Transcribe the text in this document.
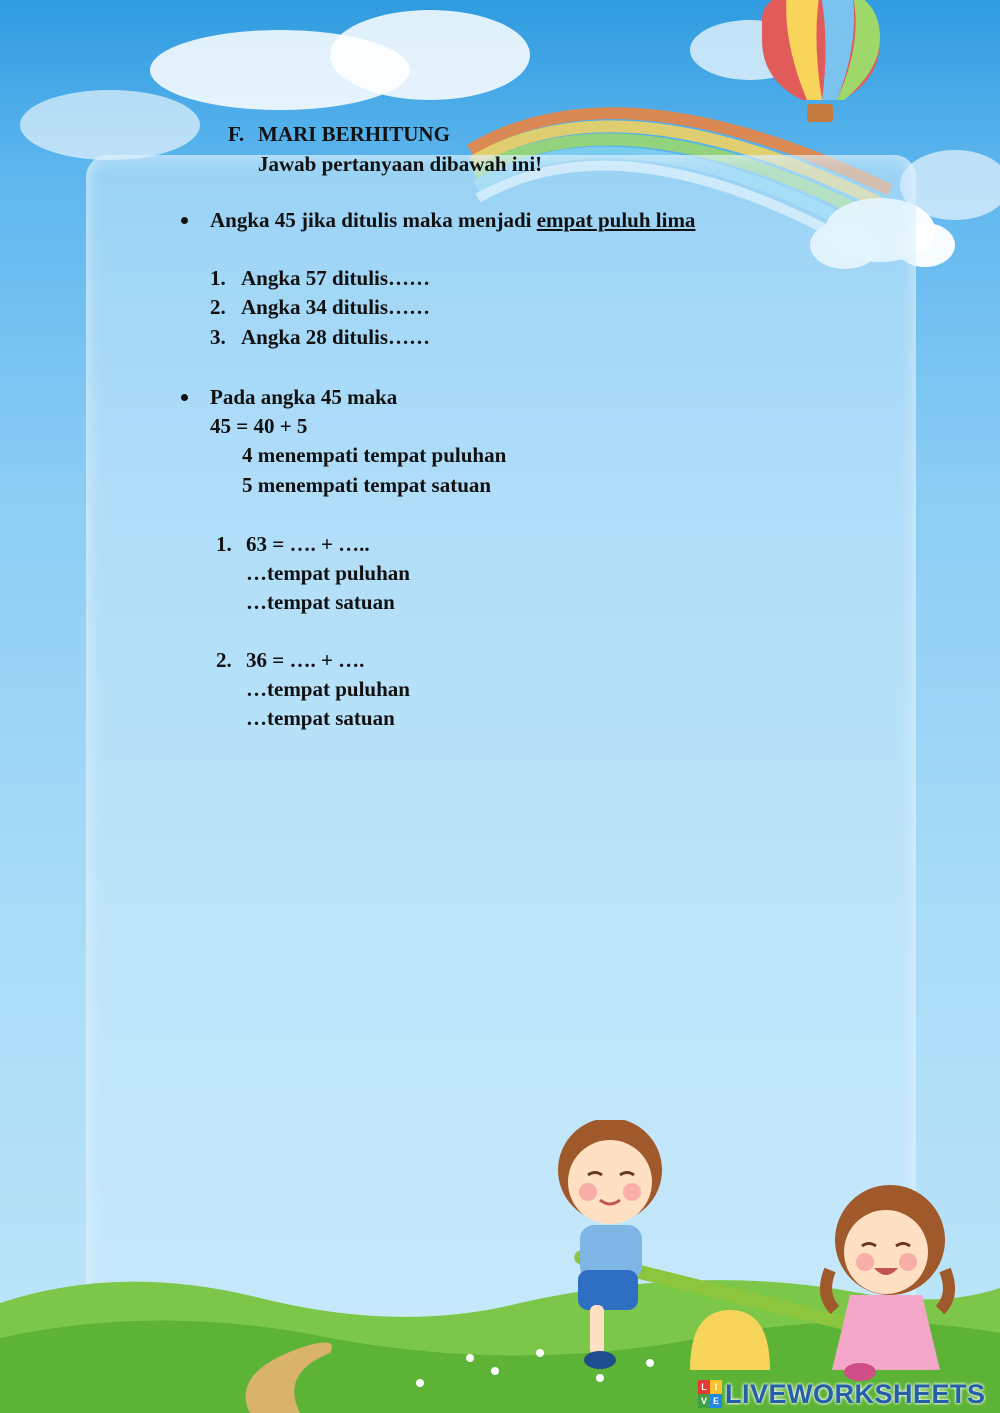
F. MARI BERHITUNG

Jawab pertanyaan dibawah ini!

Angka 45 jika ditulis maka menjadi empat puluh lima

1. Angka 57 ditulis……

2. Angka 34 ditulis……

3. Angka 28 ditulis……

Pada angka 45 maka

45 = 40 + 5

4 menempati tempat puluhan

5 menempati tempat satuan

1. 63 = …. + …..

…tempat puluhan

…tempat satuan

2. 36 = …. + ….

…tempat puluhan

…tempat satuan

L I
V E LIVEWORKSHEETS
